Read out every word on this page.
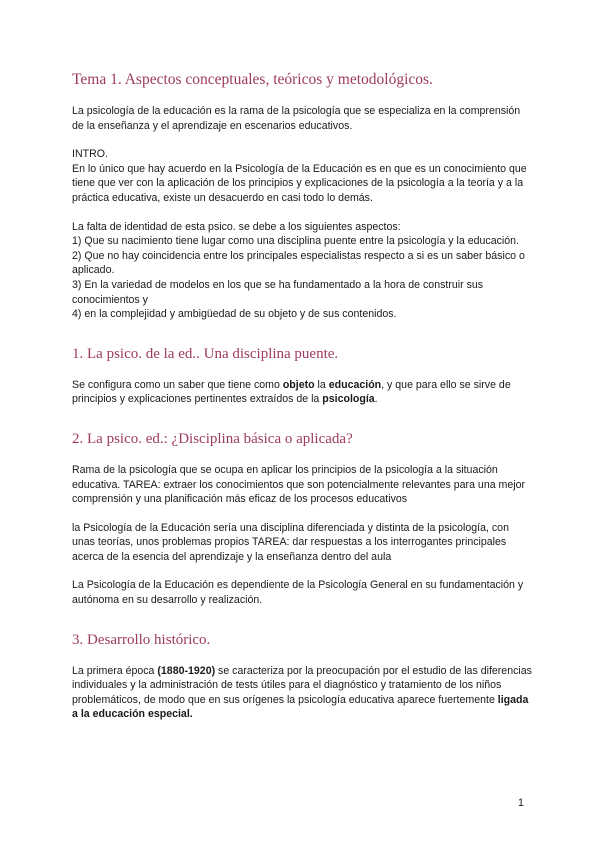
Tema 1. Aspectos conceptuales, teóricos y metodológicos.

La psicología de la educación es la rama de la psicología que se especializa en la comprensión de la enseñanza y el aprendizaje en escenarios educativos.

INTRO.

En lo único que hay acuerdo en la Psicología de la Educación es en que es un conocimiento que tiene que ver con la aplicación de los principios y explicaciones de la psicología a la teoría y a la práctica educativa, existe un desacuerdo en casi todo lo demás.

La falta de identidad de esta psico. se debe a los siguientes aspectos:

1) Que su nacimiento tiene lugar como una disciplina puente entre la psicología y la educación.
2) Que no hay coincidencia entre los principales especialistas respecto a si es un saber básico o aplicado.
3) En la variedad de modelos en los que se ha fundamentado a la hora de construir sus conocimientos y
4) en la complejidad y ambigüedad de su objeto y de sus contenidos.
1. La psico. de la ed.. Una disciplina puente.

Se configura como un saber que tiene como objeto la educación, y que para ello se sirve de principios y explicaciones pertinentes extraídos de la psicología.

2. La psico. ed.: ¿Disciplina básica o aplicada?

Rama de la psicología que se ocupa en aplicar los principios de la psicología a la situación educativa. TAREA: extraer los conocimientos que son potencialmente relevantes para una mejor comprensión y una planificación más eficaz de los procesos educativos

la Psicología de la Educación sería una disciplina diferenciada y distinta de la psicología, con unas teorías, unos problemas propios TAREA: dar respuestas a los interrogantes principales acerca de la esencia del aprendizaje y la enseñanza dentro del aula

La Psicología de la Educación es dependiente de la Psicología General en su fundamentación y autónoma en su desarrollo y realización.

3. Desarrollo histórico.

La primera época (1880-1920) se caracteriza por la preocupación por el estudio de las diferencias individuales y la administración de tests útiles para el diagnóstico y tratamiento de los niños problemáticos, de modo que en sus orígenes la psicología educativa aparece fuertemente ligada a la educación especial.

1
